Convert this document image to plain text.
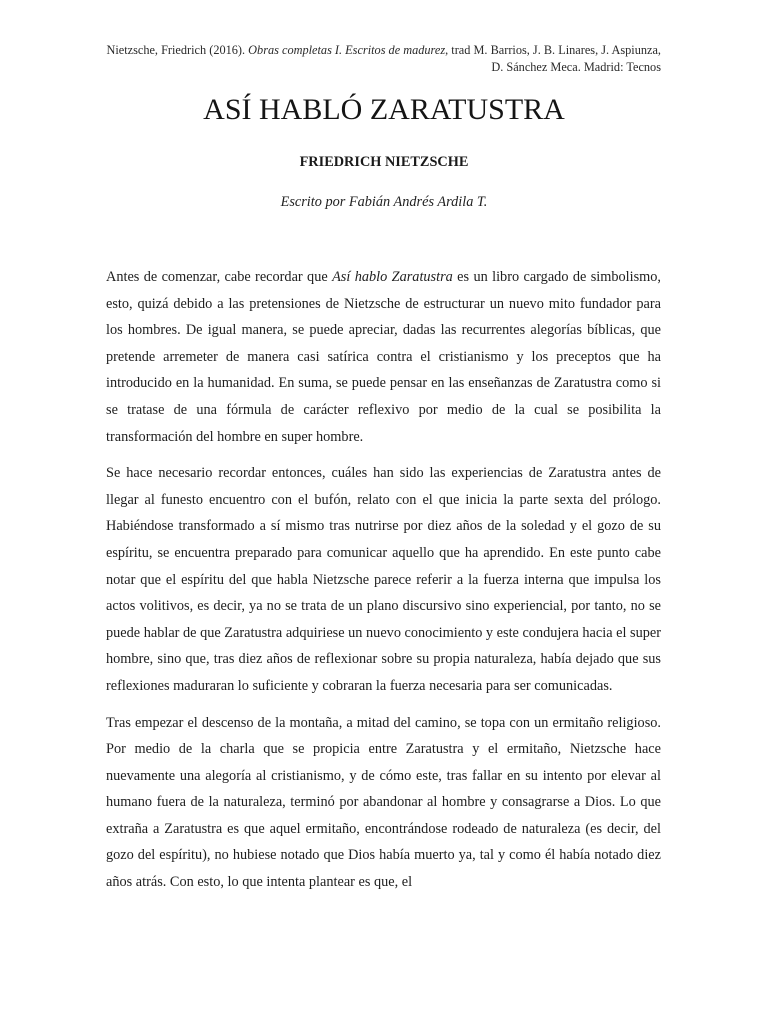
Nietzsche, Friedrich (2016). Obras completas I. Escritos de madurez, trad M. Barrios, J. B. Linares, J. Aspiunza, D. Sánchez Meca. Madrid: Tecnos
ASÍ HABLÓ ZARATUSTRA
FRIEDRICH NIETZSCHE
Escrito por Fabián Andrés Ardila T.

Antes de comenzar, cabe recordar que Así hablo Zaratustra es un libro cargado de simbolismo, esto, quizá debido a las pretensiones de Nietzsche de estructurar un nuevo mito fundador para los hombres. De igual manera, se puede apreciar, dadas las recurrentes alegorías bíblicas, que pretende arremeter de manera casi satírica contra el cristianismo y los preceptos que ha introducido en la humanidad. En suma, se puede pensar en las enseñanzas de Zaratustra como si se tratase de una fórmula de carácter reflexivo por medio de la cual se posibilita la transformación del hombre en super hombre.

Se hace necesario recordar entonces, cuáles han sido las experiencias de Zaratustra antes de llegar al funesto encuentro con el bufón, relato con el que inicia la parte sexta del prólogo. Habiéndose transformado a sí mismo tras nutrirse por diez años de la soledad y el gozo de su espíritu, se encuentra preparado para comunicar aquello que ha aprendido. En este punto cabe notar que el espíritu del que habla Nietzsche parece referir a la fuerza interna que impulsa los actos volitivos, es decir, ya no se trata de un plano discursivo sino experiencial, por tanto, no se puede hablar de que Zaratustra adquiriese un nuevo conocimiento y este condujera hacia el super hombre, sino que, tras diez años de reflexionar sobre su propia naturaleza, había dejado que sus reflexiones maduraran lo suficiente y cobraran la fuerza necesaria para ser comunicadas.

Tras empezar el descenso de la montaña, a mitad del camino, se topa con un ermitaño religioso. Por medio de la charla que se propicia entre Zaratustra y el ermitaño, Nietzsche hace nuevamente una alegoría al cristianismo, y de cómo este, tras fallar en su intento por elevar al humano fuera de la naturaleza, terminó por abandonar al hombre y consagrarse a Dios. Lo que extraña a Zaratustra es que aquel ermitaño, encontrándose rodeado de naturaleza (es decir, del gozo del espíritu), no hubiese notado que Dios había muerto ya, tal y como él había notado diez años atrás. Con esto, lo que intenta plantear es que, el
